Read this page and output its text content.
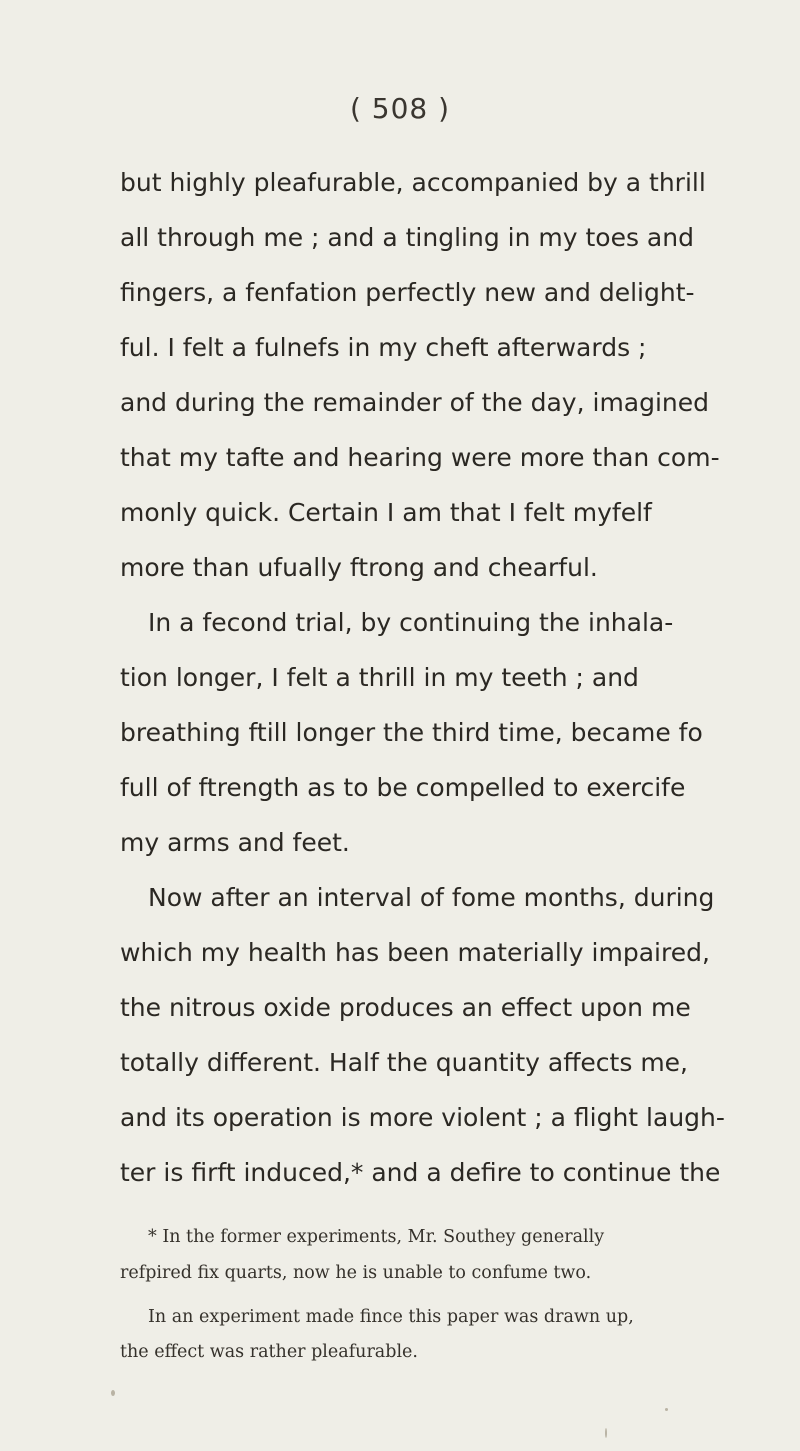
( 508 )
but highly pleafurable, accompanied by a thrill
all through me ; and a tingling in my toes and
fingers, a fenfation perfectly new and delight-
ful. I felt a fulnefs in my cheft afterwards ;
and during the remainder of the day, imagined
that my tafte and hearing were more than com-
monly quick. Certain I am that I felt myfelf
more than ufually ftrong and chearful.
In a fecond trial, by continuing the inhala-
tion longer, I felt a thrill in my teeth ; and
breathing ftill longer the third time, became fo
full of ftrength as to be compelled to exercife
my arms and feet.
Now after an interval of fome months, during
which my health has been materially impaired,
the nitrous oxide produces an effect upon me
totally different. Half the quantity affects me,
and its operation is more violent ; a flight laugh-
ter is firft induced,* and a defire to continue the
* In the former experiments, Mr. Southey generally
refpired fix quarts, now he is unable to confume two.
In an experiment made fince this paper was drawn up,
the effect was rather pleafurable.
